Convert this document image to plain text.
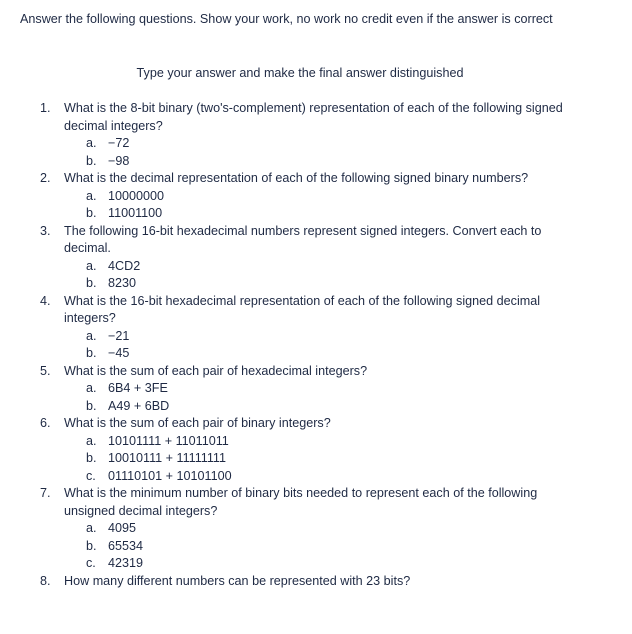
Answer the following questions. Show your work, no work no credit even if the answer is correct
Type your answer and make the final answer distinguished
1. What is the 8-bit binary (two's-complement) representation of each of the following signed decimal integers?
a. −72
b. −98
2. What is the decimal representation of each of the following signed binary numbers?
a. 10000000
b. 11001100
3. The following 16-bit hexadecimal numbers represent signed integers. Convert each to decimal.
a. 4CD2
b. 8230
4. What is the 16-bit hexadecimal representation of each of the following signed decimal integers?
a. −21
b. −45
5. What is the sum of each pair of hexadecimal integers?
a. 6B4 + 3FE
b. A49 + 6BD
6. What is the sum of each pair of binary integers?
a. 10101111 + 11011011
b. 10010111 + 11111111
c. 01110101 + 10101100
7. What is the minimum number of binary bits needed to represent each of the following unsigned decimal integers?
a. 4095
b. 65534
c. 42319
8. How many different numbers can be represented with 23 bits?
